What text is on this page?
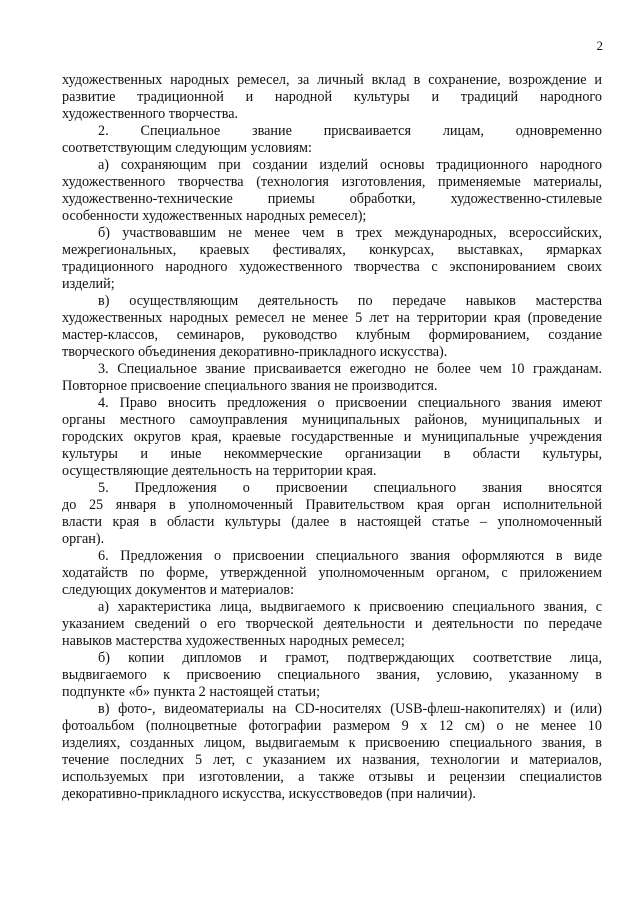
2
художественных народных ремесел, за личный вклад в сохранение, возрождение и
развитие традиционной и народной культуры и традиций народного
художественного творчества.
2. Специальное звание присваивается лицам, одновременно
соответствующим следующим условиям:
а) сохраняющим при создании изделий основы традиционного народного
художественного творчества (технология изготовления, применяемые материалы,
художественно-технические приемы обработки, художественно-стилевые
особенности художественных народных ремесел);
б) участвовавшим не менее чем в трех международных, всероссийских,
межрегиональных, краевых фестивалях, конкурсах, выставках, ярмарках
традиционного народного художественного творчества с экспонированием своих
изделий;
в) осуществляющим деятельность по передаче навыков мастерства
художественных народных ремесел не менее 5 лет на территории края (проведение
мастер-классов, семинаров, руководство клубным формированием, создание
творческого объединения декоративно-прикладного искусства).
3. Специальное звание присваивается ежегодно не более чем 10 гражданам.
Повторное присвоение специального звания не производится.
4. Право вносить предложения о присвоении специального звания имеют
органы местного самоуправления муниципальных районов, муниципальных и
городских округов края, краевые государственные и муниципальные учреждения
культуры и иные некоммерческие организации в области культуры,
осуществляющие деятельность на территории края.
5. Предложения о присвоении специального звания вносятся
до 25 января в уполномоченный Правительством края орган исполнительной
власти края в области культуры (далее в настоящей статье – уполномоченный
орган).
6. Предложения о присвоении специального звания оформляются в виде
ходатайств по форме, утвержденной уполномоченным органом, с приложением
следующих документов и материалов:
а) характеристика лица, выдвигаемого к присвоению специального звания, с
указанием сведений о его творческой деятельности и деятельности по передаче
навыков мастерства художественных народных ремесел;
б) копии дипломов и грамот, подтверждающих соответствие лица,
выдвигаемого к присвоению специального звания, условию, указанному в
подпункте «б» пункта 2 настоящей статьи;
в) фото-, видеоматериалы на CD-носителях (USB-флеш-накопителях) и (или)
фотоальбом (полноцветные фотографии размером 9 х 12 см) о не менее 10
изделиях, созданных лицом, выдвигаемым к присвоению специального звания, в
течение последних 5 лет, с указанием их названия, технологии и материалов,
используемых при изготовлении, а также отзывы и рецензии специалистов
декоративно-прикладного искусства, искусствоведов (при наличии).
